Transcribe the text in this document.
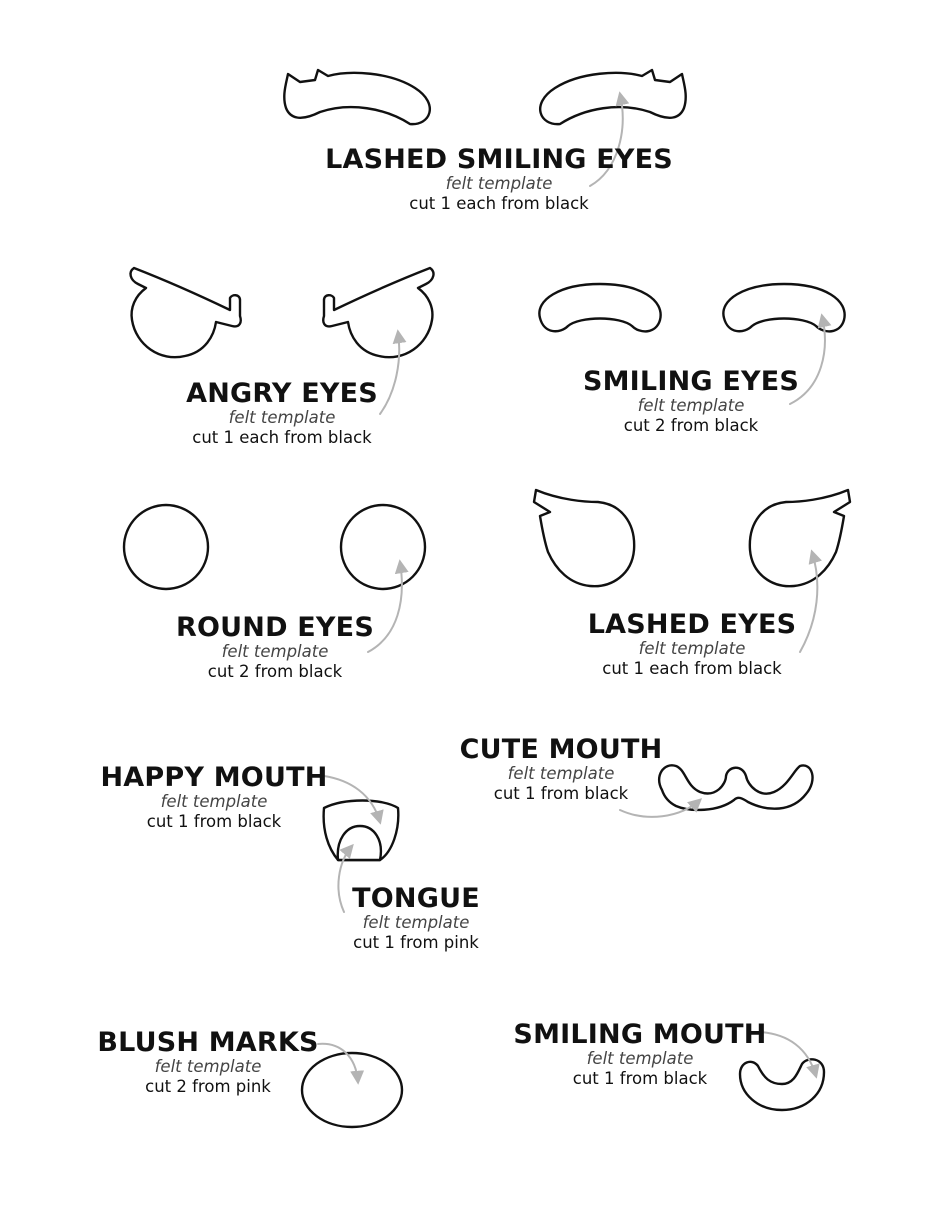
LASHED SMILING EYES
felt template
cut 1 each from black
ANGRY EYES
felt template
cut 1 each from black
SMILING EYES
felt template
cut 2 from black
ROUND EYES
felt template
cut 2 from black
LASHED EYES
felt template
cut 1 each from black
CUTE MOUTH
felt template
cut 1 from black
HAPPY MOUTH
felt template
cut 1 from black
TONGUE
felt template
cut 1 from pink
BLUSH MARKS
felt template
cut 2 from pink
SMILING MOUTH
felt template
cut 1 from black
